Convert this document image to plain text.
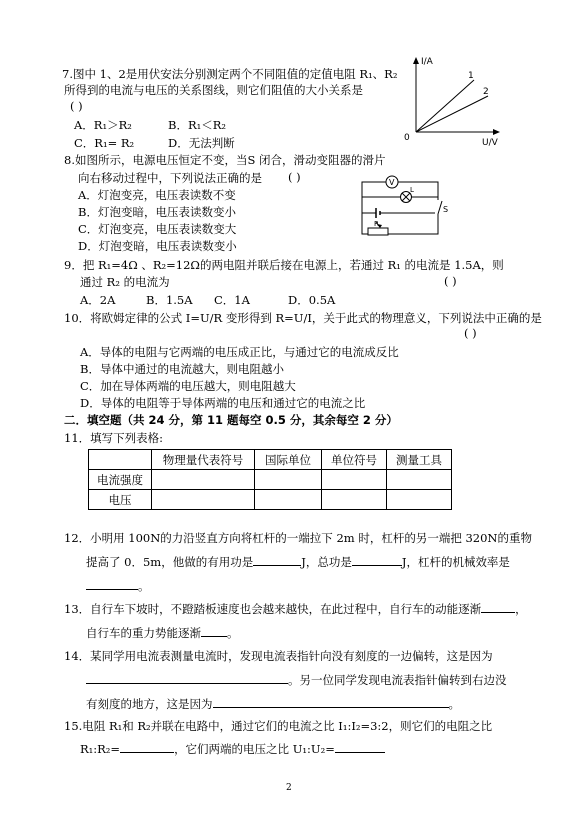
7.图中 1、2是用伏安法分别测定两个不同阻值的定值电阻 R₁、R₂
所得到的电流与电压的关系图线，则它们阻值的大小关系是
( )
A．R₁＞R₂	B．R₁＜R₂
C．R₁= R₂	D．无法判断
I/A
U/V
0
1
2
8.如图所示，电源电压恒定不变，当S 闭合，滑动变阻器的滑片
向右移动过程中，下列说法正确的是 ( )
A．灯泡变亮，电压表读数不变
B．灯泡变暗，电压表读数变小
C．灯泡变亮，电压表读数变大
D．灯泡变暗，电压表读数变小
V
L
R
S
9．把 R₁=4Ω 、R₂=12Ω的两电阻并联后接在电源上，若通过 R₁ 的电流是 1.5A，则
通过 R₂ 的电流为	( )
A．2A	B．1.5A C．1A	D．0.5A
10．将欧姆定律的公式 I=U/R 变形得到 R=U/I，关于此式的物理意义，下列说法中正确的是
( )
A．导体的电阻与它两端的电压成正比，与通过它的电流成反比
B．导体中通过的电流越大，则电阻越小
C．加在导体两端的电压越大，则电阻越大
D．导体的电阻等于导体两端的电压和通过它的电流之比
二．填空题（共 24 分，第 11 题每空 0.5 分，其余每空 2 分）
11．填写下列表格:
	物理量代表符号	国际单位	单位符号	测量工具
电流强度				
电压				
12．小明用 100N的力沿竖直方向将杠杆的一端拉下 2m 时，杠杆的另一端把 320N的重物
提高了 0．5m，他做的有用功是	J，总功是	J，杠杆的机械效率是
。
13．自行车下坡时，不蹬踏板速度也会越来越快，在此过程中，自行车的动能逐渐	，
自行车的重力势能逐渐 。
14．某同学用电流表测量电流时，发现电流表指针向没有刻度的一边偏转，这是因为
。另一位同学发现电流表指针偏转到右边没
有刻度的地方，这是因为	。
15.电阻 R₁和 R₂并联在电路中，通过它们的电流之比 I₁:I₂=3:2，则它们的电阻之比
R₁:R₂=	，它们两端的电压之比 U₁:U₂=
2
